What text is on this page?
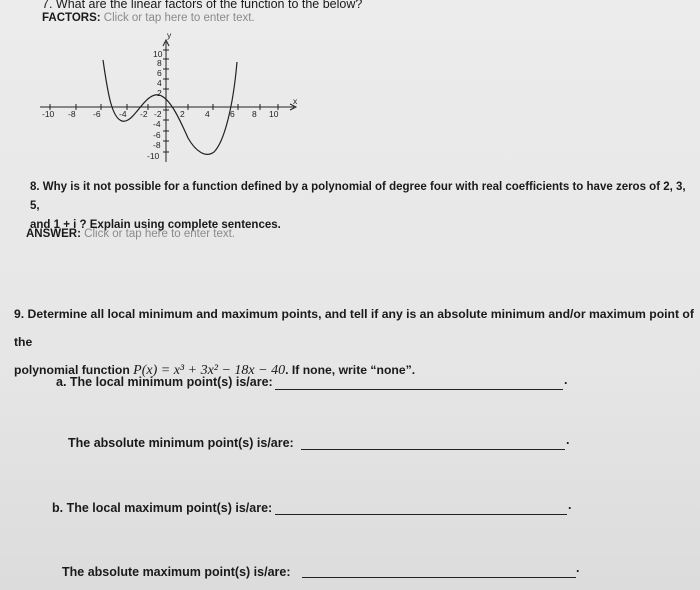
7. What are the linear factors of the function to the below?
FACTORS: Click or tap here to enter text.
y
x
-10 -8 -6 -4 -2	2 4 6 8 10
10
8
6
4
2
-2
-4
-6
-8
-10
8. Why is it not possible for a function defined by a polynomial of degree four with real coefficients to have zeros of 2, 3, 5,
and 1 + i ? Explain using complete sentences.
ANSWER: Click or tap here to enter text.
9. Determine all local minimum and maximum points, and tell if any is an absolute minimum and/or maximum point of the
polynomial function P(x) = x³ + 3x² − 18x − 40. If none, write “none”.
a. The local minimum point(s) is/are:	.
The absolute minimum point(s) is/are:	.
b. The local maximum point(s) is/are:	.
The absolute maximum point(s) is/are:	.
